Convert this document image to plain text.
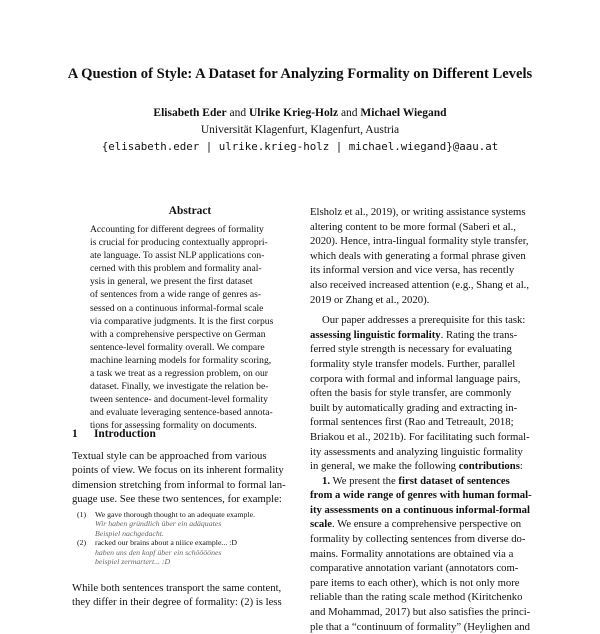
A Question of Style: A Dataset for Analyzing Formality on Different Levels
Elisabeth Eder and Ulrike Krieg-Holz and Michael Wiegand
Universität Klagenfurt, Klagenfurt, Austria
{elisabeth.eder | ulrike.krieg-holz | michael.wiegand}@aau.at
Abstract
Accounting for different degrees of formality
is crucial for producing contextually appropri-
ate language. To assist NLP applications con-
cerned with this problem and formality anal-
ysis in general, we present the first dataset
of sentences from a wide range of genres as-
sessed on a continuous informal-formal scale
via comparative judgments. It is the first corpus
with a comprehensive perspective on German
sentence-level formality overall. We compare
machine learning models for formality scoring,
a task we treat as a regression problem, on our
dataset. Finally, we investigate the relation be-
tween sentence- and document-level formality
and evaluate leveraging sentence-based annota-
tions for assessing formality on documents.
1 Introduction
Textual style can be approached from various
points of view. We focus on its inherent formality
dimension stretching from informal to formal lan-
guage use. See these two sentences, for example:
(1)	We gave thorough thought to an adequate example.
Wir haben gründlich über ein adäquates
Beispiel nachgedacht.
(2)	racked our brains about a niiice example... :D
haben uns den kopf über ein schöööönes
beispiel zermartert... :D
While both sentences transport the same content,
they differ in their degree of formality: (2) is less
Elsholz et al., 2019), or writing assistance systems
altering content to be more formal (Saberi et al.,
2020). Hence, intra-lingual formality style transfer,
which deals with generating a formal phrase given
its informal version and vice versa, has recently
also received increased attention (e.g., Shang et al.,
2019 or Zhang et al., 2020).
Our paper addresses a prerequisite for this task:
assessing linguistic formality. Rating the trans-
ferred style strength is necessary for evaluating
formality style transfer models. Further, parallel
corpora with formal and informal language pairs,
often the basis for style transfer, are commonly
built by automatically grading and extracting in-
formal sentences first (Rao and Tetreault, 2018;
Briakou et al., 2021b). For facilitating such formal-
ity assessments and analyzing linguistic formality
in general, we make the following contributions:
1. We present the first dataset of sentences
from a wide range of genres with human formal-
ity assessments on a continuous informal-formal
scale. We ensure a comprehensive perspective on
formality by collecting sentences from diverse do-
mains. Formality annotations are obtained via a
comparative annotation variant (annotators com-
pare items to each other), which is not only more
reliable than the rating scale method (Kiritchenko
and Mohammad, 2017) but also satisfies the princi-
ple that a “continuum of formality” (Heylighen and
